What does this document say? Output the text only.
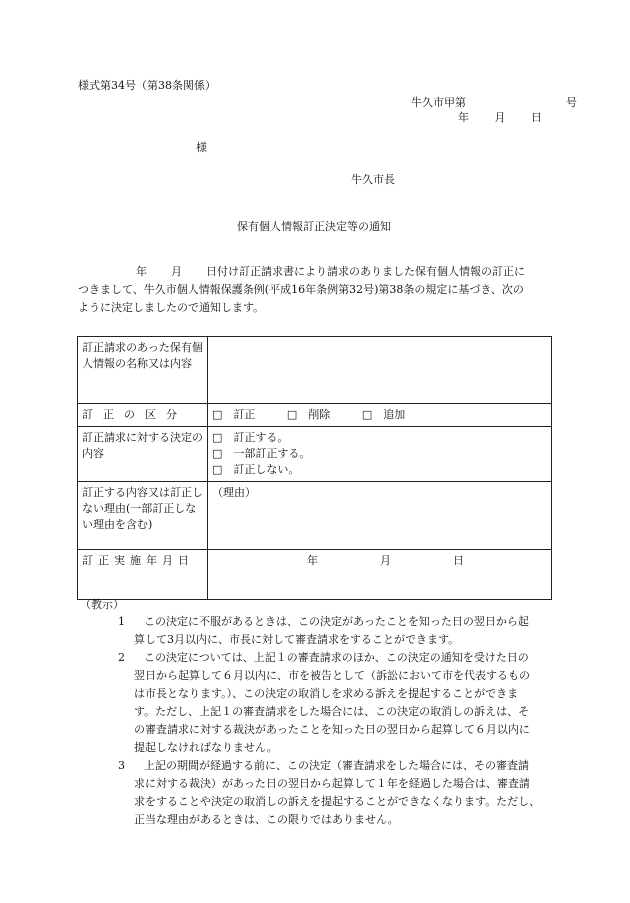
様式第34号（第38条関係）
牛久市甲第	号
年 月 日
様
牛久市長
保有個人情報訂正決定等の通知
年 月 日付け訂正請求書により請求のありました保有個人情報の訂正に
つきまして、牛久市個人情報保護条例(平成16年条例第32号)第38条の規定に基づき、次の
ように決定しましたので通知します。
訂正請求のあった保有個人情報の名称又は内容	
訂正の区分	□　訂正 □　削除 □　追加
訂正請求に対する決定の内容	□　訂正する。
□　一部訂正する。
□　訂正しない。

訂正する内容又は訂正しない理由(一部訂正しない理由を含む)	（理由）
訂正実施年月日	年 月 日
（教示）
1	この決定に不服があるときは、この決定があったことを知った日の翌日から起
算して3月以内に、市長に対して審査請求をすることができます。
2	この決定については、上記１の審査請求のほか、この決定の通知を受けた日の
翌日から起算して６月以内に、市を被告として（訴訟において市を代表するもの
は市長となります。）、この決定の取消しを求める訴えを提起することができま
す。ただし、上記１の審査請求をした場合には、この決定の取消しの訴えは、そ
の審査請求に対する裁決があったことを知った日の翌日から起算して６月以内に
提起しなければなりません。
3	上記の期間が経過する前に、この決定（審査請求をした場合には、その審査請
求に対する裁決）があった日の翌日から起算して１年を経過した場合は、審査請
求をすることや決定の取消しの訴えを提起することができなくなります。ただし、
正当な理由があるときは、この限りではありません。
